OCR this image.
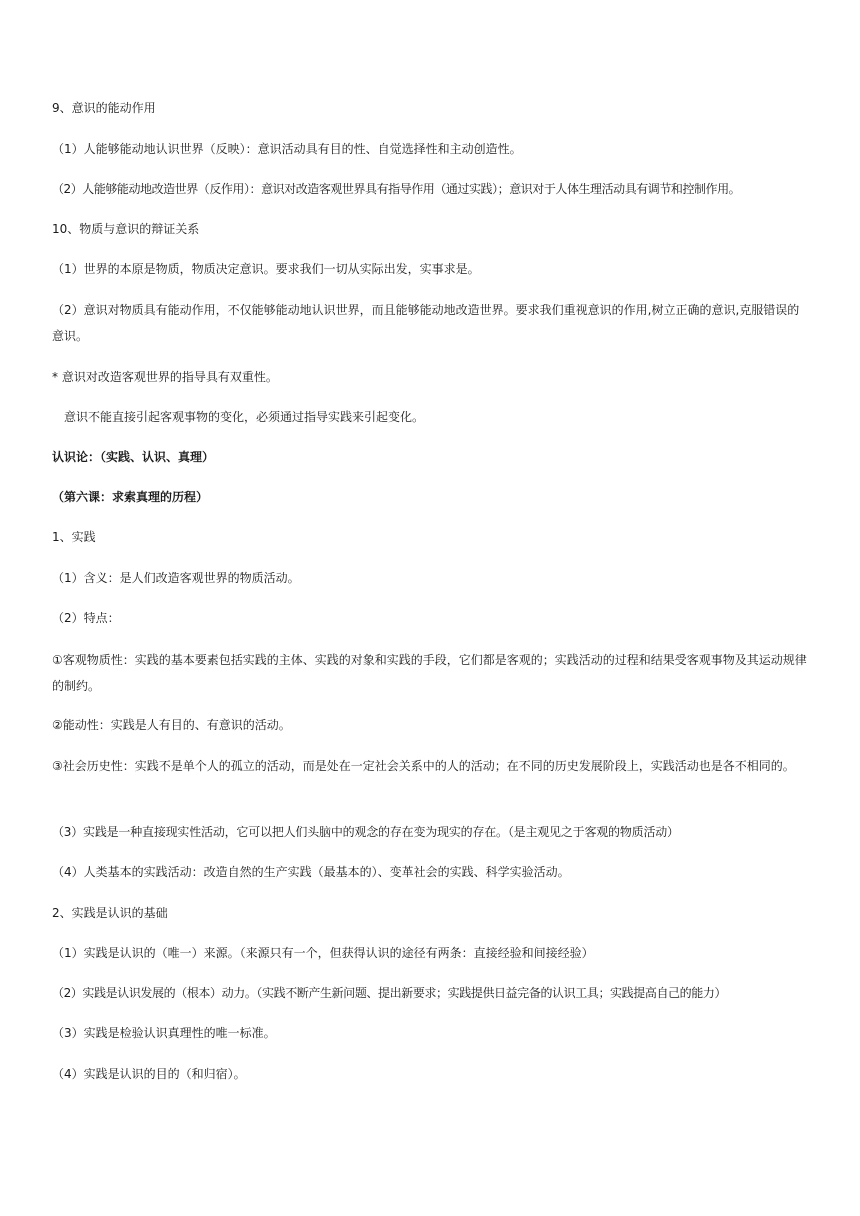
9、意识的能动作用

（1）人能够能动地认识世界（反映）：意识活动具有目的性、自觉选择性和主动创造性。

（2）人能够能动地改造世界（反作用）：意识对改造客观世界具有指导作用（通过实践）；意识对于人体生理活动具有调节和控制作用。

10、物质与意识的辩证关系

（1）世界的本原是物质，物质决定意识。要求我们一切从实际出发，实事求是。

（2）意识对物质具有能动作用，不仅能够能动地认识世界，而且能够能动地改造世界。要求我们重视意识的作用,树立正确的意识,克服错误的意识。

* 意识对改造客观世界的指导具有双重性。

意识不能直接引起客观事物的变化，必须通过指导实践来引起变化。

认识论：（实践、认识、真理）

（第六课：求索真理的历程）

1、实践

（1）含义：是人们改造客观世界的物质活动。

（2）特点：

①客观物质性：实践的基本要素包括实践的主体、实践的对象和实践的手段，它们都是客观的；实践活动的过程和结果受客观事物及其运动规律的制约。

②能动性：实践是人有目的、有意识的活动。

③社会历史性：实践不是单个人的孤立的活动，而是处在一定社会关系中的人的活动；在不同的历史发展阶段上，实践活动也是各不相同的。

（3）实践是一种直接现实性活动，它可以把人们头脑中的观念的存在变为现实的存在。（是主观见之于客观的物质活动）

（4）人类基本的实践活动：改造自然的生产实践（最基本的）、变革社会的实践、科学实验活动。

2、实践是认识的基础

（1）实践是认识的（唯一）来源。（来源只有一个，但获得认识的途径有两条：直接经验和间接经验）

（2）实践是认识发展的（根本）动力。（实践不断产生新问题、提出新要求；实践提供日益完备的认识工具；实践提高自己的能力）

（3）实践是检验认识真理性的唯一标准。

（4）实践是认识的目的（和归宿）。
